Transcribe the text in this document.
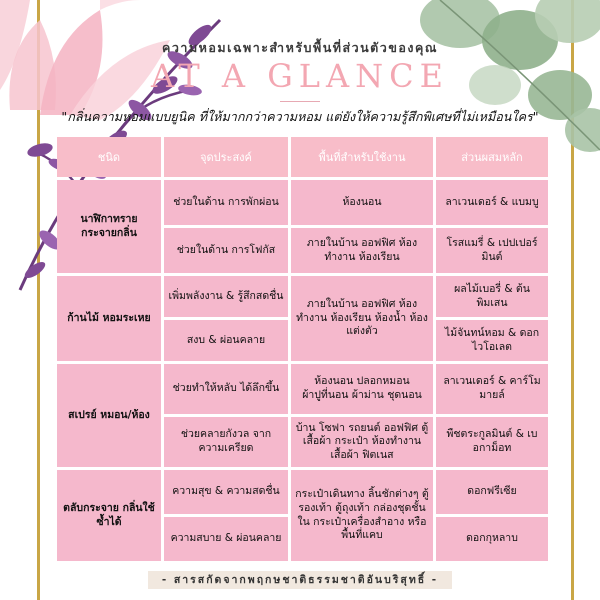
ความหอมเฉพาะสำหรับพื้นที่ส่วนตัวของคุณ
AT A GLANCE
"กลิ่นความหอมแบบยูนิค ที่ให้มากกว่าความหอม แต่ยังให้ความรู้สึกพิเศษที่ไม่เหมือนใคร"
ชนิด	จุดประสงค์	พื้นที่สำหรับใช้งาน	ส่วนผสมหลัก
นาฬิกาทราย กระจายกลิ่น	ช่วยในด้าน การพักผ่อน	ห้องนอน	ลาเวนเดอร์ & แบมบู
	ช่วยในด้าน การโฟกัส	ภายในบ้าน ออฟฟิศ ห้องทำงาน ห้องเรียน	โรสแมรี่ & เปปเปอร์มินต์
ก้านไม้ หอมระเหย	เพิ่มพลังงาน & รู้สึกสดชื่น	ภายในบ้าน ออฟฟิศ ห้องทำงาน ห้องเรียน ห้องน้ำ ห้องแต่งตัว	ผลไม้เบอรี่ & ต้นพิมเสน
	สงบ & ผ่อนคลาย		ไม้จันทน์หอม & ดอกไวโอเลต
สเปรย์ หมอน/ห้อง	ช่วยทำให้หลับ ได้ลึกขึ้น	ห้องนอน ปลอกหมอน ผ้าปูที่นอน ผ้าม่าน ชุดนอน	ลาเวนเดอร์ & คาร์โมมายล์
	ช่วยคลายกังวล จากความเครียด	บ้าน โซฟา รถยนต์ ออฟฟิศ ตู้เสื้อผ้า กระเป๋า ห้องทำงาน เสื้อผ้า ฟิตเนส	พืชตระกูลมินต์ & เบอกาม็อท
ตลับกระจาย กลิ่นใช้ซ้ำได้	ความสุข & ความสดชื่น	กระเป๋าเดินทาง ลิ้นชักต่างๆ ตู้รองเท้า ตู้ถุงเท้า กล่องชุดชั้นใน กระเป๋าเครื่องสำอาง หรือพื้นที่แคบ	ดอกฟรีเซีย
	ความสบาย & ผ่อนคลาย		ดอกกุหลาบ
- สารสกัดจากพฤกษชาติธรรมชาติอันบริสุทธิ์ -
